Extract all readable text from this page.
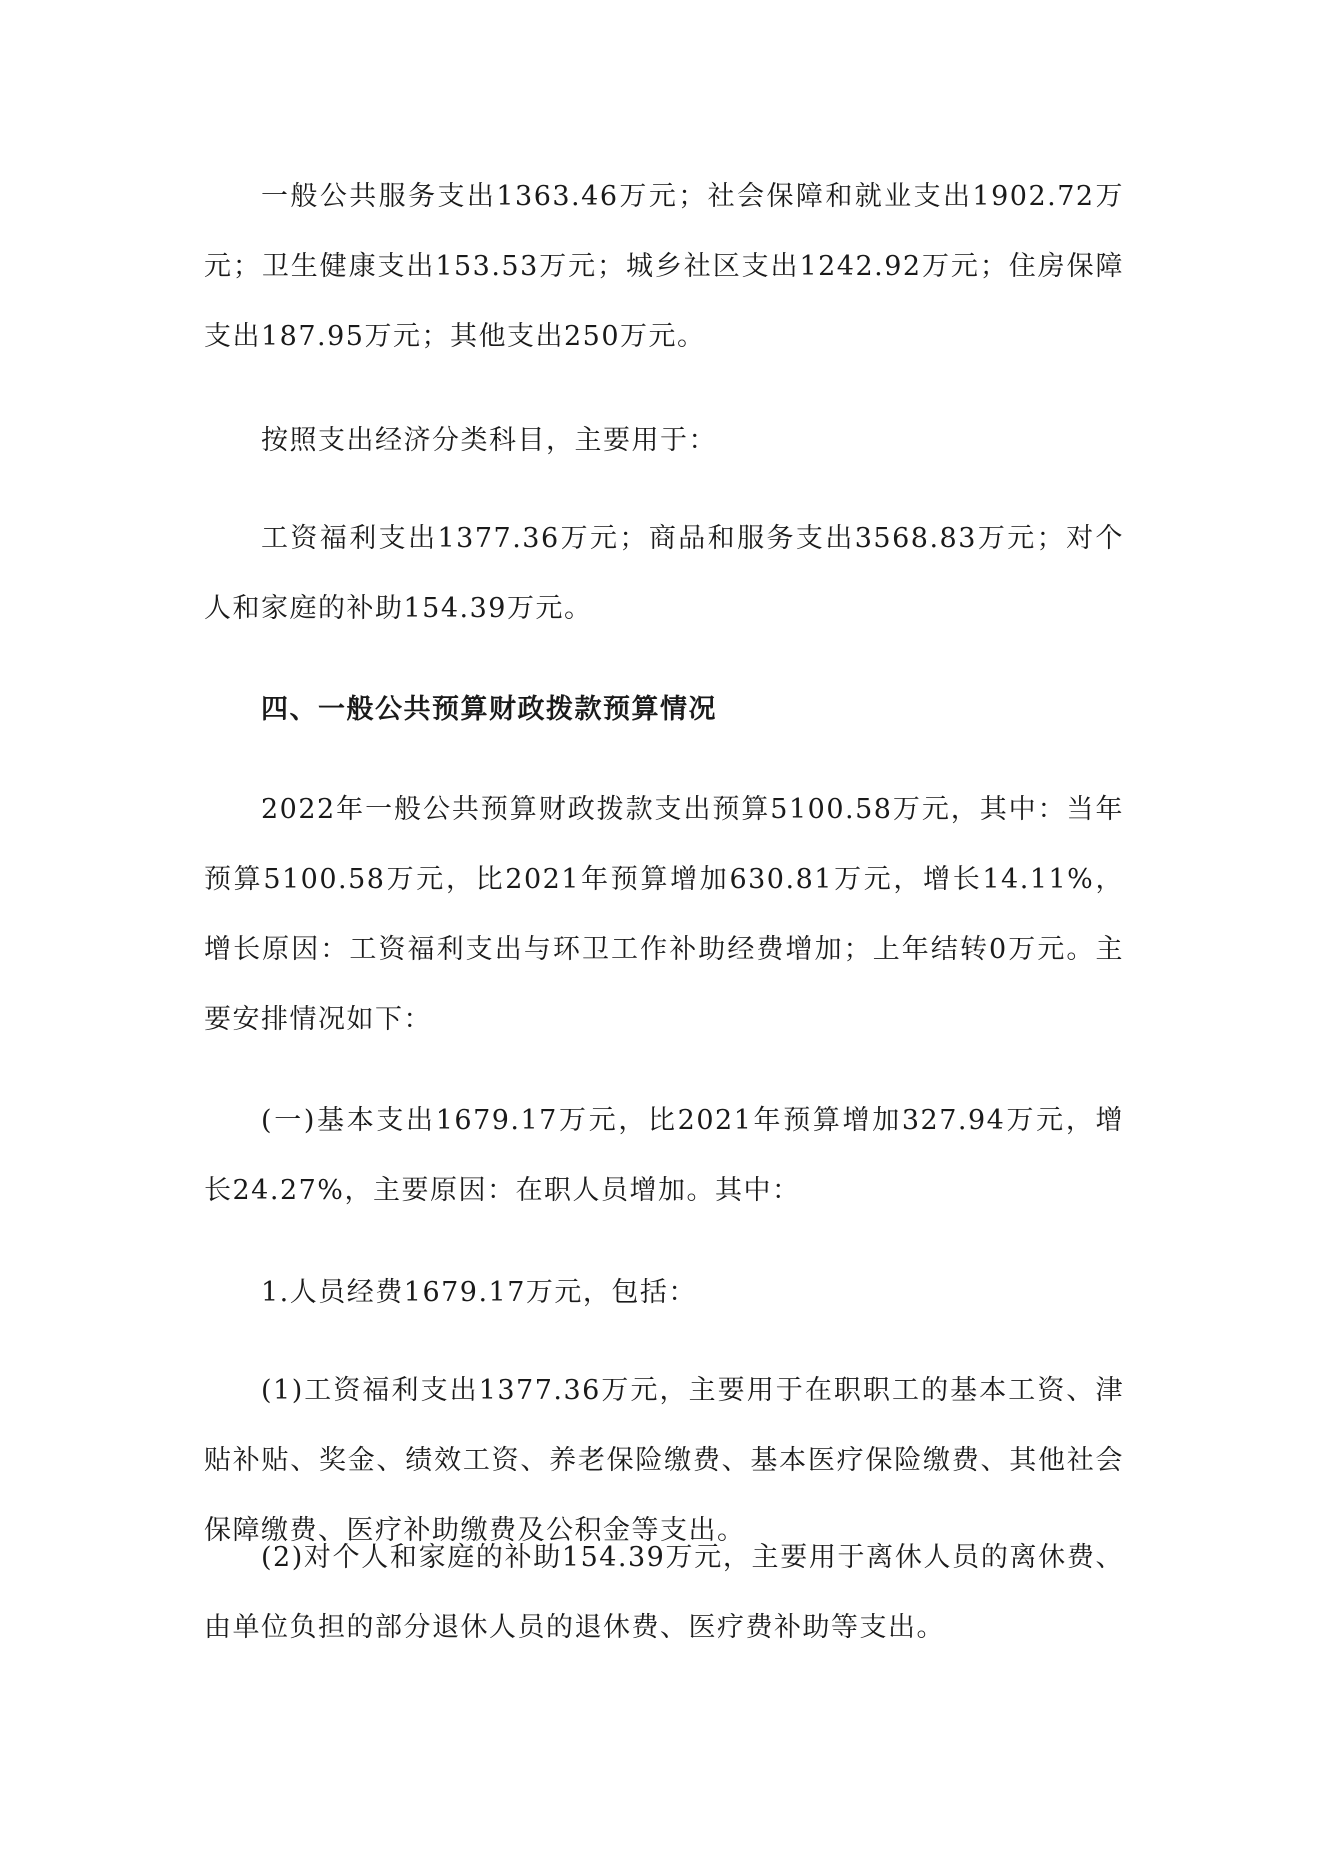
一般公共服务支出1363.46万元；社会保障和就业支出1902.72万元；卫生健康支出153.53万元；城乡社区支出1242.92万元；住房保障支出187.95万元；其他支出250万元。

按照支出经济分类科目，主要用于：

工资福利支出1377.36万元；商品和服务支出3568.83万元；对个人和家庭的补助154.39万元。

四、一般公共预算财政拨款预算情况

2022年一般公共预算财政拨款支出预算5100.58万元，其中：当年预算5100.58万元，比2021年预算增加630.81万元，增长14.11%，增长原因：工资福利支出与环卫工作补助经费增加；上年结转0万元。主要安排情况如下：

(一)基本支出1679.17万元，比2021年预算增加327.94万元，增长24.27%，主要原因：在职人员增加。其中：

1.人员经费1679.17万元，包括：

(1)工资福利支出1377.36万元，主要用于在职职工的基本工资、津贴补贴、奖金、绩效工资、养老保险缴费、基本医疗保险缴费、其他社会保障缴费、医疗补助缴费及公积金等支出。

(2)对个人和家庭的补助154.39万元，主要用于离休人员的离休费、由单位负担的部分退休人员的退休费、医疗费补助等支出。
